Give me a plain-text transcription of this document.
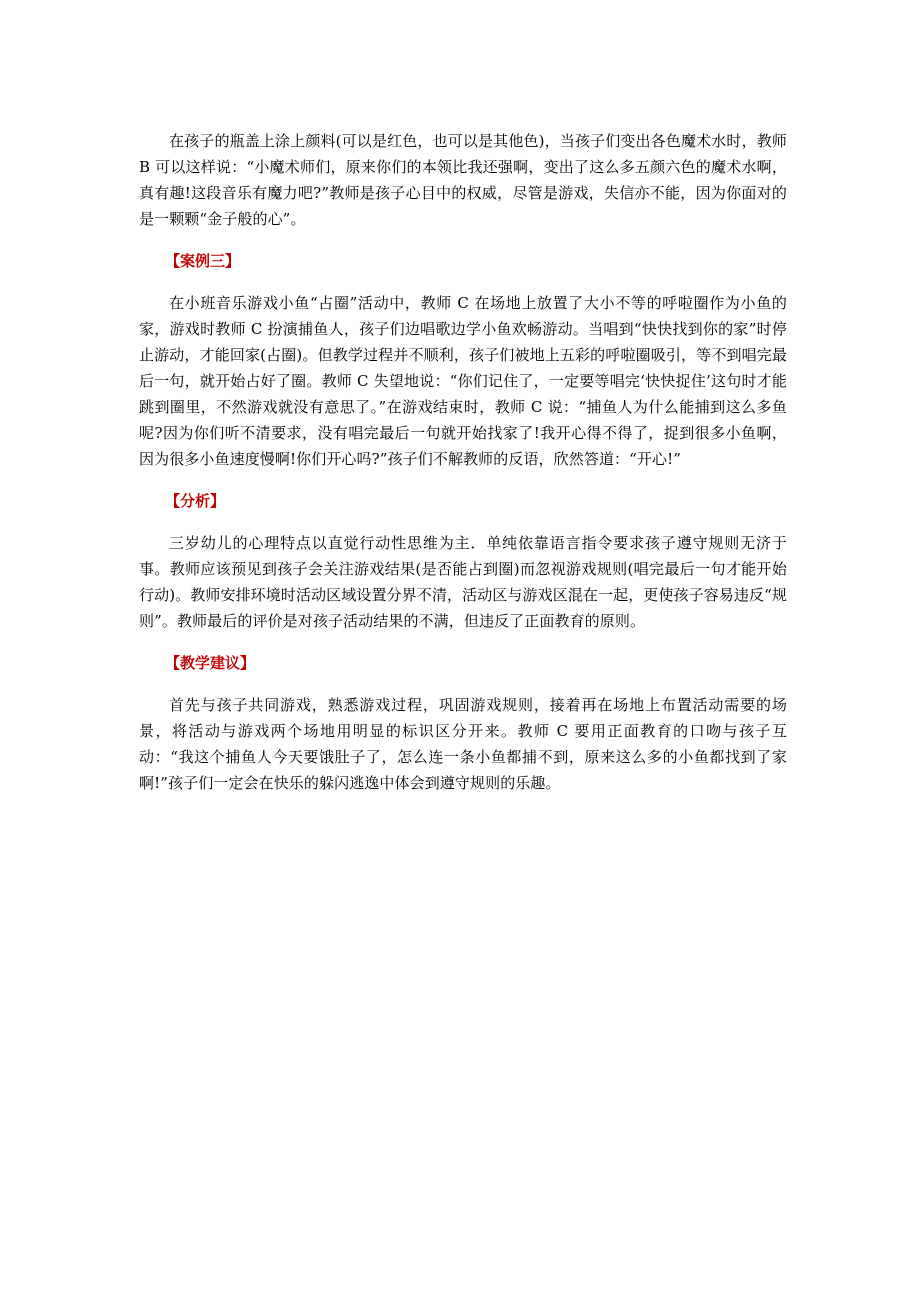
在孩子的瓶盖上涂上颜料(可以是红色，也可以是其他色)，当孩子们变出各色魔术水时，教师 B 可以这样说：“小魔术师们，原来你们的本领比我还强啊，变出了这么多五颜六色的魔术水啊，真有趣!这段音乐有魔力吧?”教师是孩子心目中的权威，尽管是游戏，失信亦不能，因为你面对的是一颗颗“金子般的心”。

【案例三】

在小班音乐游戏小鱼“占圈”活动中，教师 C 在场地上放置了大小不等的呼啦圈作为小鱼的家，游戏时教师 C 扮演捕鱼人，孩子们边唱歌边学小鱼欢畅游动。当唱到“快快找到你的家”时停止游动，才能回家(占圈)。但教学过程并不顺利，孩子们被地上五彩的呼啦圈吸引，等不到唱完最后一句，就开始占好了圈。教师 C 失望地说：“你们记住了，一定要等唱完‘快快捉住’这句时才能跳到圈里，不然游戏就没有意思了。”在游戏结束时，教师 C 说：“捕鱼人为什么能捕到这么多鱼呢?因为你们听不清要求，没有唱完最后一句就开始找家了!我开心得不得了，捉到很多小鱼啊，因为很多小鱼速度慢啊!你们开心吗?”孩子们不解教师的反语，欣然答道：“开心!”

【分析】

三岁幼儿的心理特点以直觉行动性思维为主．单纯依靠语言指令要求孩子遵守规则无济于事。教师应该预见到孩子会关注游戏结果(是否能占到圈)而忽视游戏规则(唱完最后一句才能开始行动)。教师安排环境时活动区域设置分界不清，活动区与游戏区混在一起，更使孩子容易违反“规则”。教师最后的评价是对孩子活动结果的不满，但违反了正面教育的原则。

【教学建议】

首先与孩子共同游戏，熟悉游戏过程，巩固游戏规则，接着再在场地上布置活动需要的场景，将活动与游戏两个场地用明显的标识区分开来。教师 C 要用正面教育的口吻与孩子互动：“我这个捕鱼人今天要饿肚子了，怎么连一条小鱼都捕不到，原来这么多的小鱼都找到了家啊!”孩子们一定会在快乐的躲闪逃逸中体会到遵守规则的乐趣。
